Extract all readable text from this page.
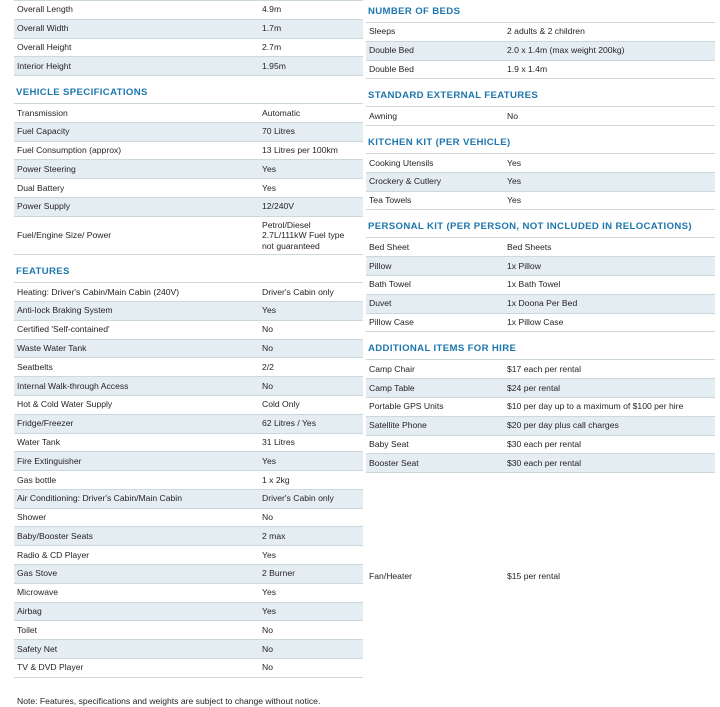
Overall Length	4.9m
Overall Width	1.7m
Overall Height	2.7m
Interior Height	1.95m
VEHICLE SPECIFICATIONS
Transmission	Automatic
Fuel Capacity	70 Litres
Fuel Consumption (approx)	13 Litres per 100km
Power Steering	Yes
Dual Battery	Yes
Power Supply	12/240V
Fuel/Engine Size/ Power	Petrol/Diesel
2.7L/111kW Fuel type
not guaranteed
FEATURES
Heating: Driver's Cabin/Main Cabin (240V)	Driver's Cabin only
Anti-lock Braking System	Yes
Certified 'Self-contained'	No
Waste Water Tank	No
Seatbelts	2/2
Internal Walk-through Access	No
Hot & Cold Water Supply	Cold Only
Fridge/Freezer	62 Litres / Yes
Water Tank	31 Litres
Fire Extinguisher	Yes
Gas bottle	1 x 2kg
Air Conditioning: Driver's Cabin/Main Cabin	Driver's Cabin only
Shower	No
Baby/Booster Seats	2 max
Radio & CD Player	Yes
Gas Stove	2 Burner
Microwave	Yes
Airbag	Yes
Toilet	No
Safety Net	No
TV & DVD Player	No
Note: Features, specifications and weights are subject to change without notice.
NUMBER OF BEDS
Sleeps	2 adults & 2 children
Double Bed	2.0 x 1.4m (max weight 200kg)
Double Bed	1.9 x 1.4m
STANDARD EXTERNAL FEATURES
Awning	No
KITCHEN KIT (PER VEHICLE)
Cooking Utensils	Yes
Crockery & Cutlery	Yes
Tea Towels	Yes
PERSONAL KIT (PER PERSON, NOT INCLUDED IN RELOCATIONS)
Bed Sheet	Bed Sheets
Pillow	1x Pillow
Bath Towel	1x Bath Towel
Duvet	1x Doona Per Bed
Pillow Case	1x Pillow Case
ADDITIONAL ITEMS FOR HIRE
Camp Chair	$17 each per rental
Camp Table	$24 per rental
Portable GPS Units	$10 per day up to a maximum of $100 per hire
Satellite Phone	$20 per day plus call charges
Baby Seat	$30 each per rental
Booster Seat	$30 each per rental
Fan/Heater	$15 per rental
